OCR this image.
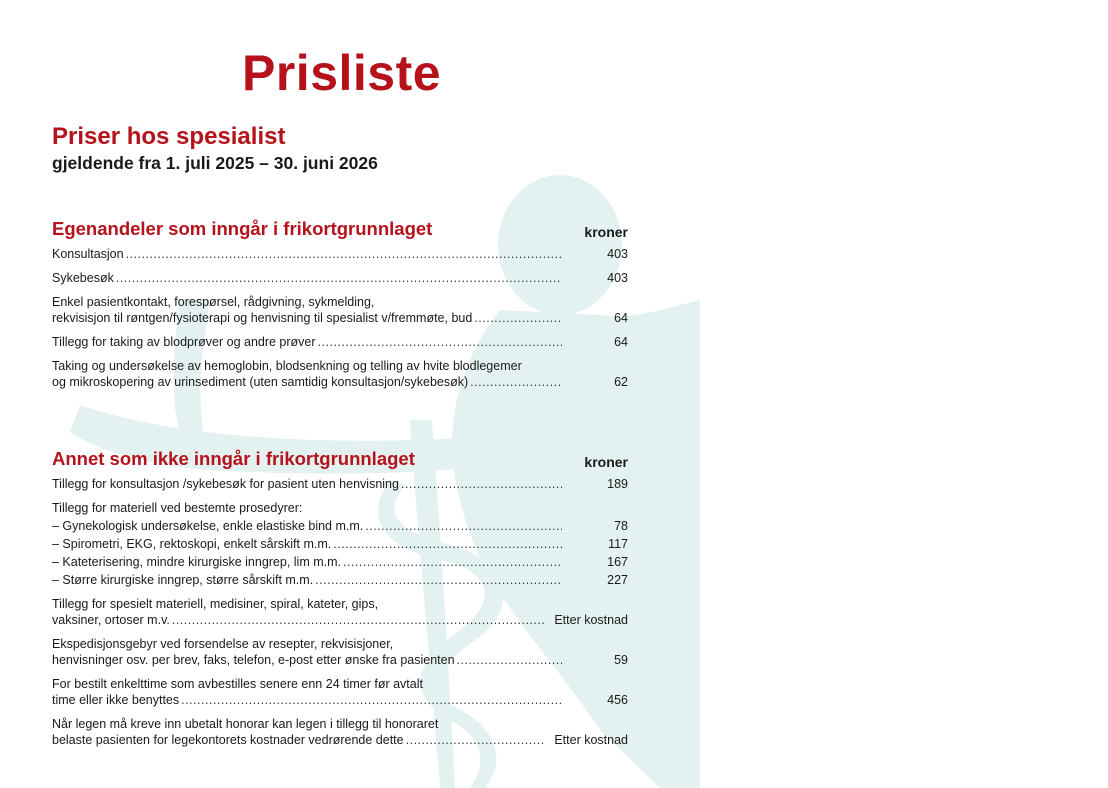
Prisliste
Priser hos spesialist

gjeldende fra 1. juli 2025 – 30. juni 2026

Egenandeler som inngår i frikortgrunnlaget	kroner
Konsultasjon .....	403
Sykebesøk .....	403
Enkel pasientkontakt, forespørsel, rådgivning, sykmelding,
rekvisisjon til røntgen/fysioterapi og henvisning til spesialist v/fremmøte, bud .....	64
Tillegg for taking av blodprøver og andre prøver .....	64
Taking og undersøkelse av hemoglobin, blodsenkning og telling av hvite blodlegemer
og mikroskopering av urinsediment (uten samtidig konsultasjon/sykebesøk) .....	62
Annet som ikke inngår i frikortgrunnlaget	kroner
Tillegg for konsultasjon /sykebesøk for pasient uten henvisning .....	189
Tillegg for materiell ved bestemte prosedyrer:
– Gynekologisk undersøkelse, enkle elastiske bind m.m. .....	78
– Spirometri, EKG, rektoskopi, enkelt sårskift m.m. .....	117
– Kateterisering, mindre kirurgiske inngrep, lim m.m. .....	167
– Større kirurgiske inngrep, større sårskift m.m. .....	227
Tillegg for spesielt materiell, medisiner, spiral, kateter, gips,
vaksiner, ortoser m.v. .....	Etter kostnad
Ekspedisjonsgebyr ved forsendelse av resepter, rekvisisjoner,
henvisninger osv. per brev, faks, telefon, e-post etter ønske fra pasienten .....	59
For bestilt enkelttime som avbestilles senere enn 24 timer før avtalt
time eller ikke benyttes .....	456
Når legen må kreve inn ubetalt honorar kan legen i tillegg til honoraret
belaste pasienten for legekontorets kostnader vedrørende dette .....	Etter kostnad
